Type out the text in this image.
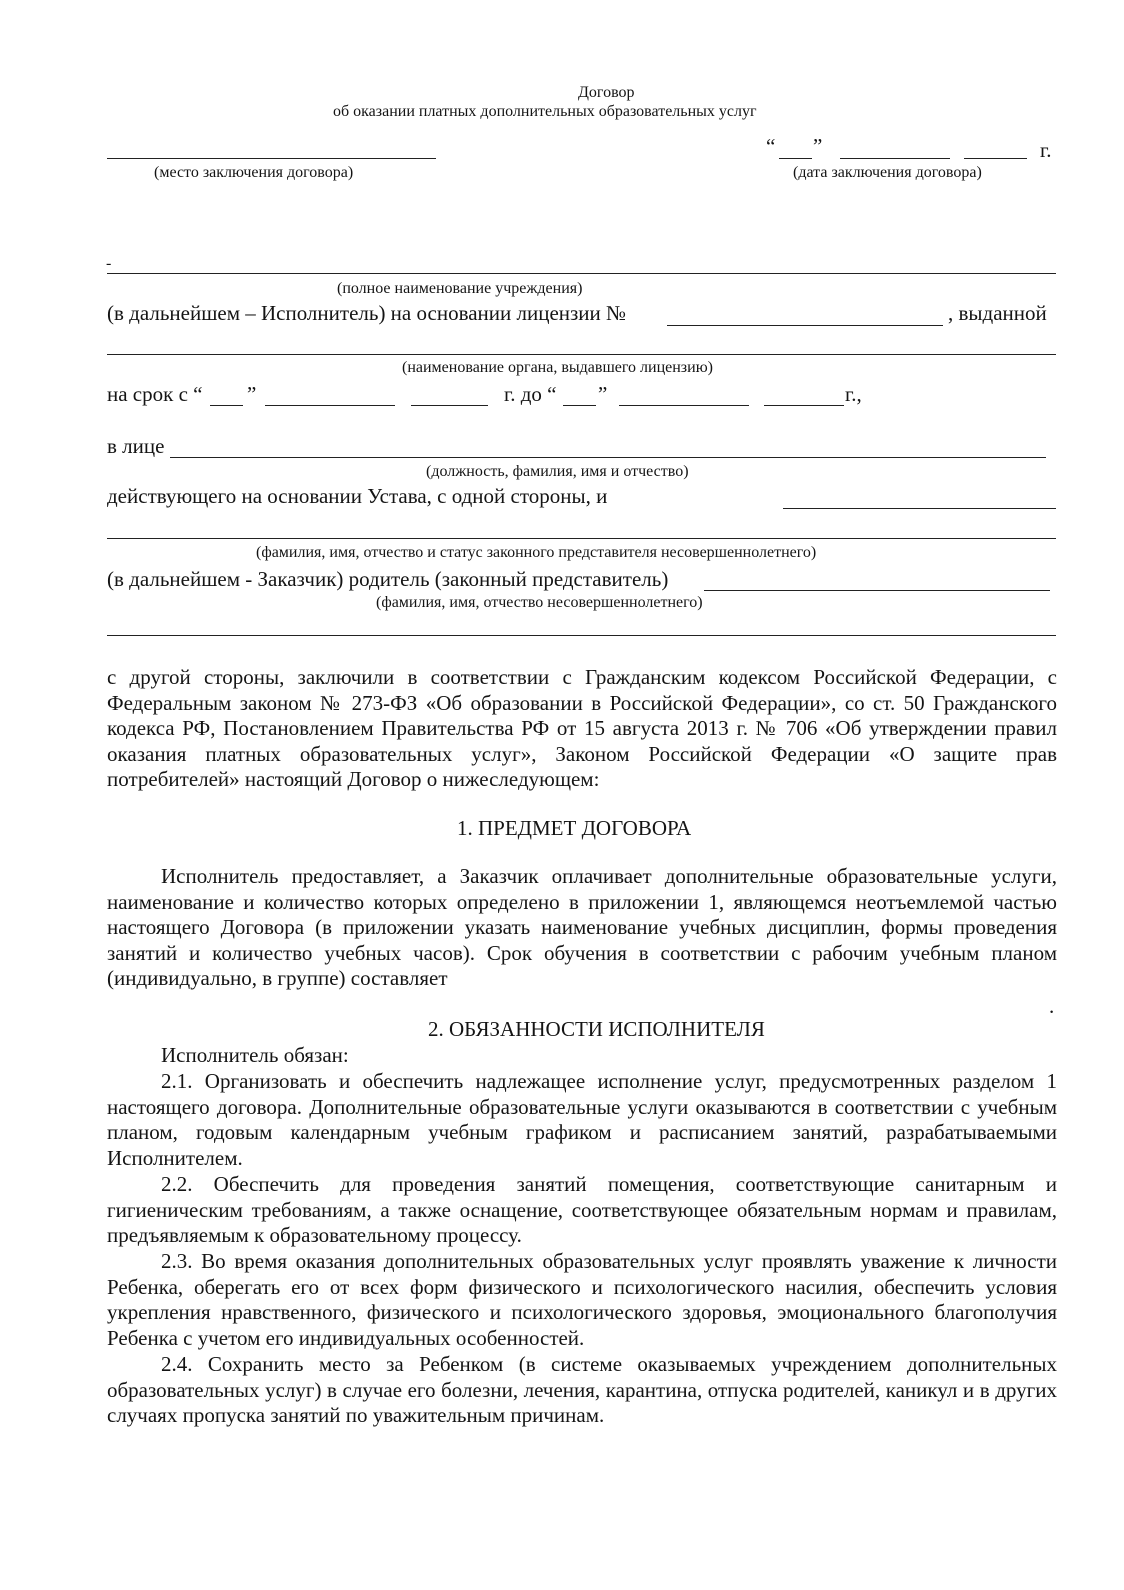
Договор
об оказании платных дополнительных образовательных услуг
“ ”	г.
(место заключения договора)	(дата заключения договора)
-
(полное наименование учреждения)
(в дальнейшем – Исполнитель) на основании лицензии №	, выданной
(наименование органа, выдавшего лицензию)
на срок с “ ”	г. до “ ”	г.,
в лице
(должность, фамилия, имя и отчество)
действующего на основании Устава, с одной стороны, и
(фамилия, имя, отчество и статус законного представителя несовершеннолетнего)
(в дальнейшем - Заказчик) родитель (законный представитель)
(фамилия, имя, отчество несовершеннолетнего)
с другой стороны, заключили в соответствии с Гражданским кодексом Российской Федерации, с Федеральным законом № 273-ФЗ «Об образовании в Российской Федерации», со ст. 50 Гражданского кодекса РФ, Постановлением Правительства РФ от 15 августа 2013 г. № 706 «Об утверждении правил оказания платных образовательных услуг», Законом Российской Федерации «О защите прав потребителей» настоящий Договор о нижеследующем:
1. ПРЕДМЕТ ДОГОВОРА
Исполнитель предоставляет, а Заказчик оплачивает дополнительные образовательные услуги, наименование и количество которых определено в приложении 1, являющемся неотъемлемой частью настоящего Договора (в приложении указать наименование учебных дисциплин, формы проведения занятий и количество учебных часов). Срок обучения в соответствии с рабочим учебным планом (индивидуально, в группе) составляет
.
2. ОБЯЗАННОСТИ ИСПОЛНИТЕЛЯ
Исполнитель обязан:
2.1. Организовать и обеспечить надлежащее исполнение услуг, предусмотренных разделом 1 настоящего договора. Дополнительные образовательные услуги оказываются в соответствии с учебным планом, годовым календарным учебным графиком и расписанием занятий, разрабатываемыми Исполнителем.
2.2. Обеспечить для проведения занятий помещения, соответствующие санитарным и гигиеническим требованиям, а также оснащение, соответствующее обязательным нормам и правилам, предъявляемым к образовательному процессу.
2.3. Во время оказания дополнительных образовательных услуг проявлять уважение к личности Ребенка, оберегать его от всех форм физического и психологического насилия, обеспечить условия укрепления нравственного, физического и психологического здоровья, эмоционального благополучия Ребенка с учетом его индивидуальных особенностей.
2.4. Сохранить место за Ребенком (в системе оказываемых учреждением дополнительных образовательных услуг) в случае его болезни, лечения, карантина, отпуска родителей, каникул и в других случаях пропуска занятий по уважительным причинам.
